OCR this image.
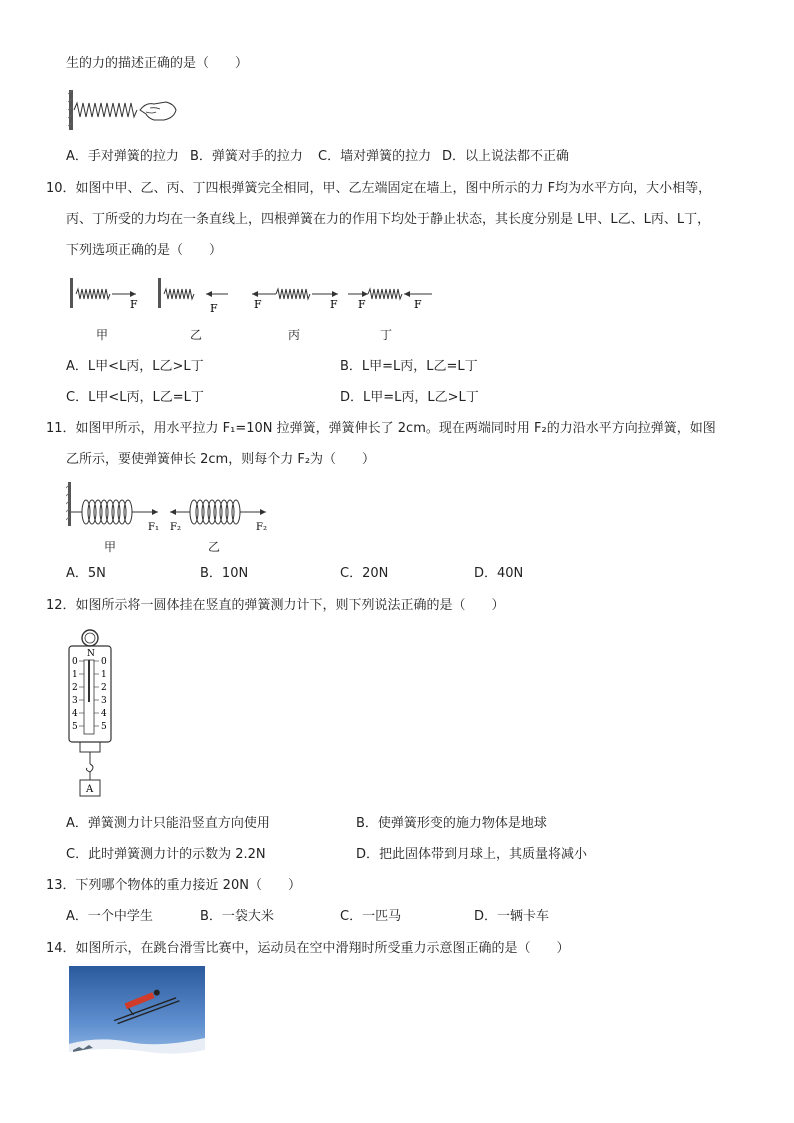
生的力的描述正确的是（　　）
A．手对弹簧的拉力 B．弹簧对手的拉力 C．墙对弹簧的拉力 D．以上说法都不正确
10．如图中甲、乙、丙、丁四根弹簧完全相同，甲、乙左端固定在墙上，图中所示的力 F均为水平方向，大小相等，
丙、丁所受的力均在一条直线上，四根弹簧在力的作用下均处于静止状态，其长度分别是 L甲、L乙、L丙、L丁，
下列选项正确的是（　　）
F	F	F	F F	F
甲	乙	丙	丁
A．L甲<L丙，L乙>L丁	B．L甲=L丙，L乙=L丁
C．L甲<L丙，L乙=L丁	D．L甲=L丙，L乙>L丁
11．如图甲所示，用水平拉力 F₁=10N 拉弹簧，弹簧伸长了 2cm。现在两端同时用 F₂的力沿水平方向拉弹簧，如图
乙所示，要使弹簧伸长 2cm，则每个力 F₂为（　　）
F₁ F₂	F₂
甲	乙
A．5N	B．10N	C．20N	D．40N
12．如图所示将一圆体挂在竖直的弹簧测力计下，则下列说法正确的是（　　）
N
0	0
1	1
2	2
3	3
4	4
5	5
A
A．弹簧测力计只能沿竖直方向使用	B．使弹簧形变的施力物体是地球
C．此时弹簧测力计的示数为 2.2N	D．把此固体带到月球上，其质量将减小
13．下列哪个物体的重力接近 20N（　　）
A．一个中学生	B．一袋大米	C．一匹马	D．一辆卡车
14．如图所示，在跳台滑雪比赛中，运动员在空中滑翔时所受重力示意图正确的是（　　）
